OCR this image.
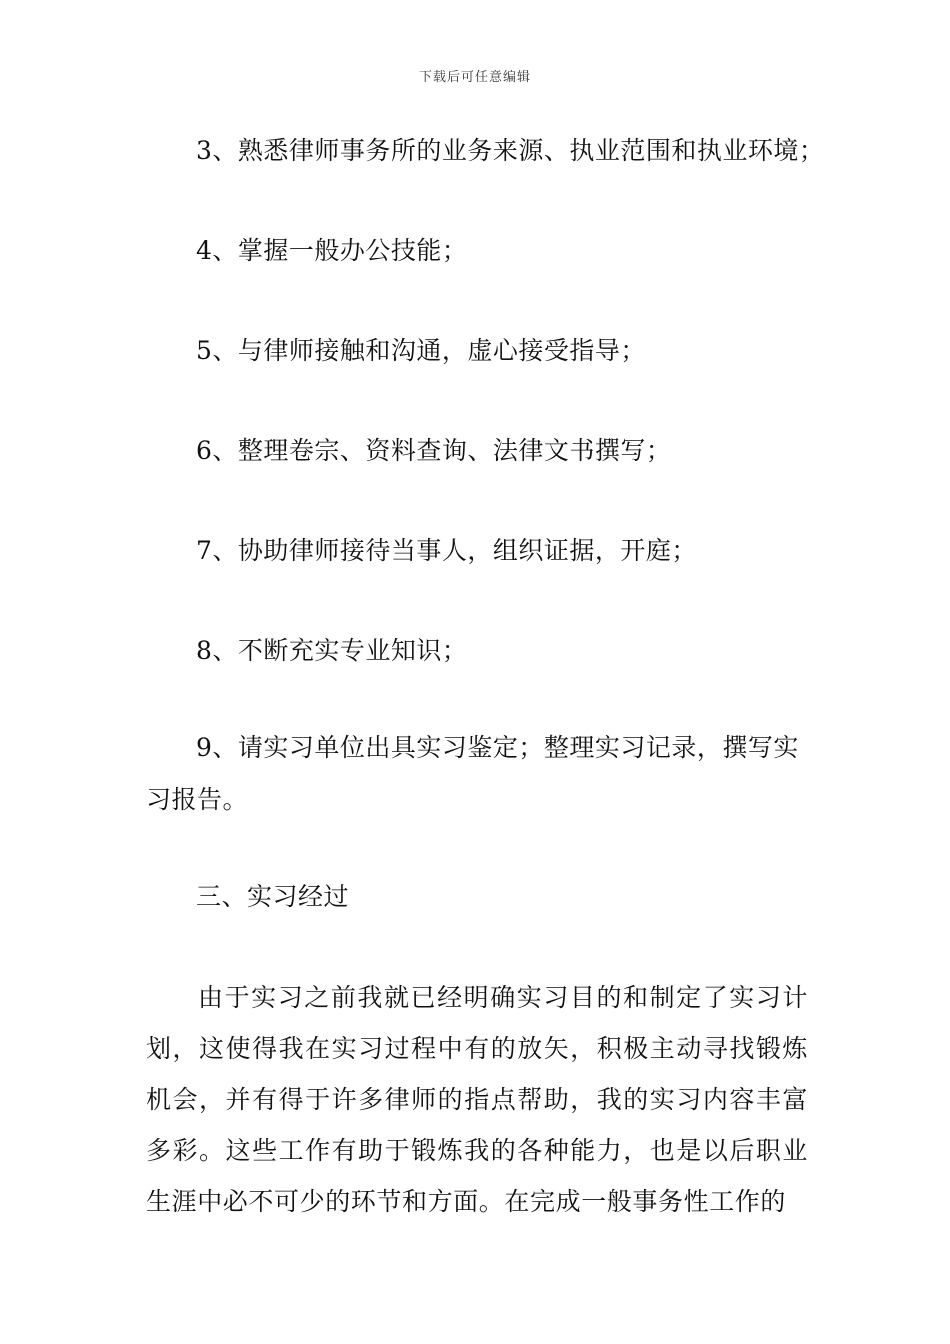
下载后可任意编辑
3、熟悉律师事务所的业务来源、执业范围和执业环境；
4、掌握一般办公技能；
5、与律师接触和沟通，虚心接受指导；
6、整理卷宗、资料查询、法律文书撰写；
7、协助律师接待当事人，组织证据，开庭；
8、不断充实专业知识；
9、请实习单位出具实习鉴定；整理实习记录，撰写实习报告。
三、实习经过
由于实习之前我就已经明确实习目的和制定了实习计划，这使得我在实习过程中有的放矢，积极主动寻找锻炼机会，并有得于许多律师的指点帮助，我的实习内容丰富多彩。这些工作有助于锻炼我的各种能力，也是以后职业生涯中必不可少的环节和方面。在完成一般事务性工作的
